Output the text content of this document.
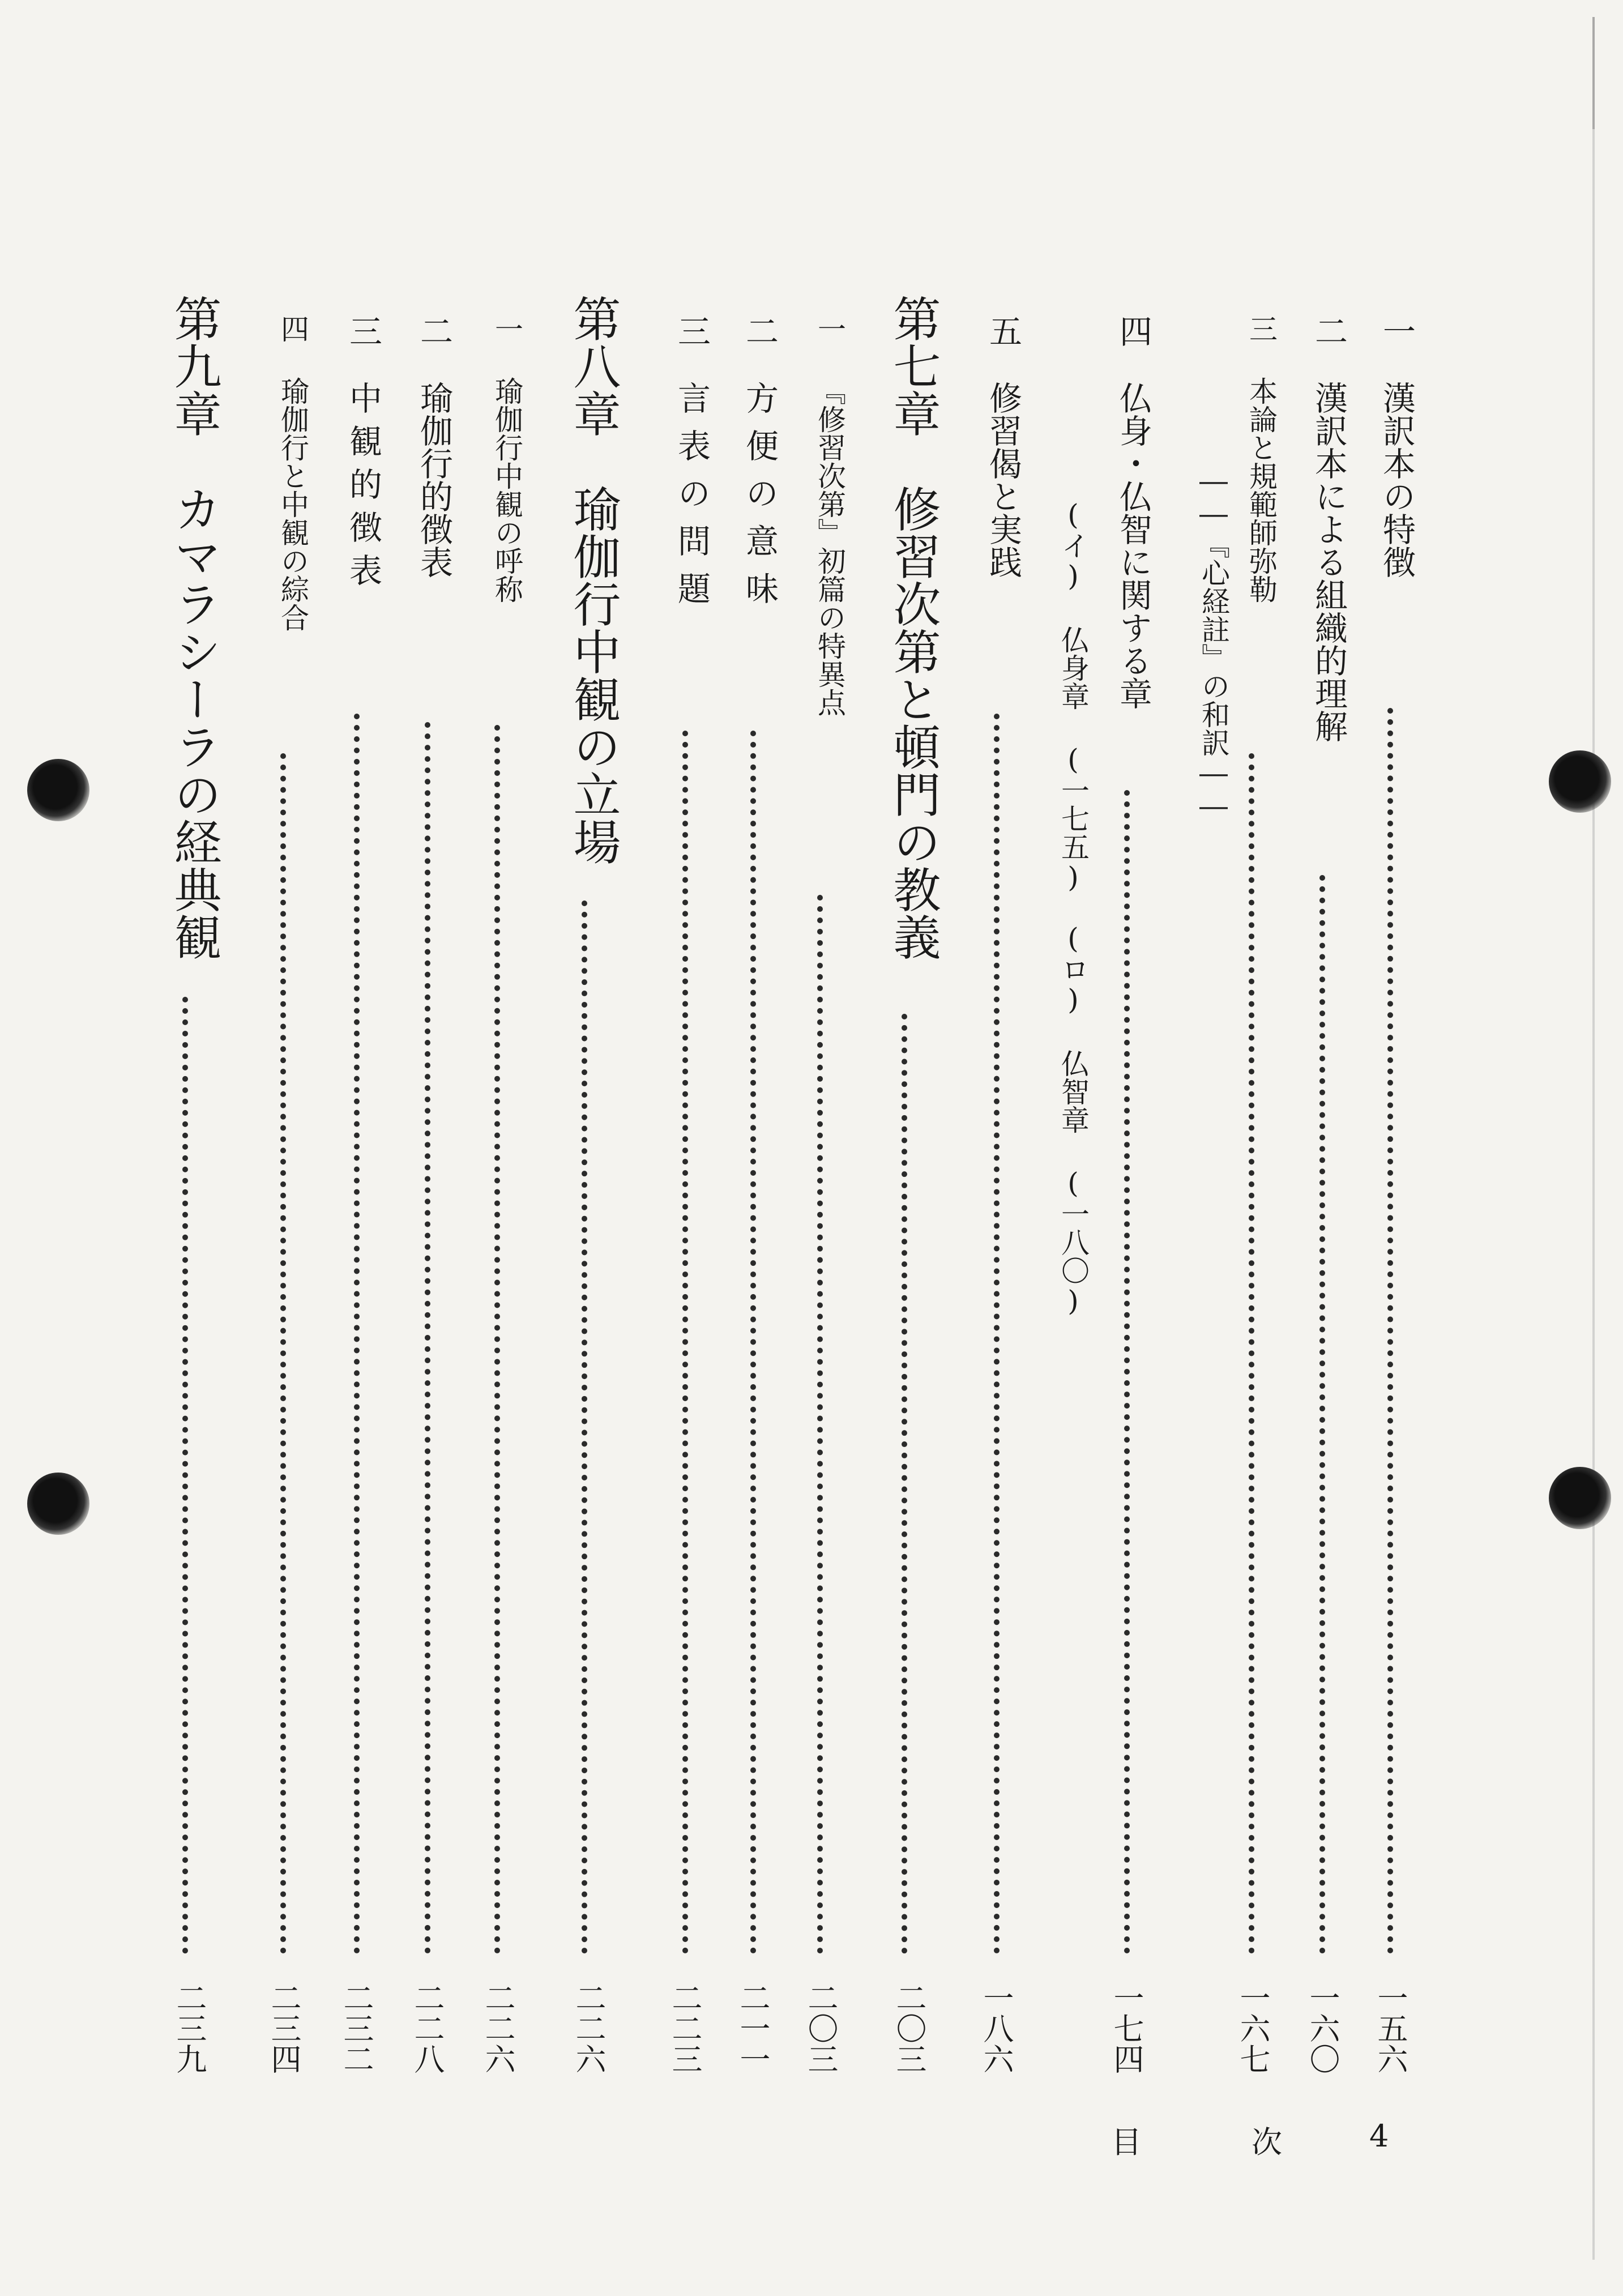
一漢訳本の特徴
一五六
二漢訳本による組織的理解
一六〇
三本論と規範師弥勒
一六七
――『心経註』の和訳――
四仏身・仏智に関する章
一七四
(イ) 仏身章 (一七五)　(ロ) 仏智章 (一八〇)
五修習偈と実践
一八六
第七章　修習次第と頓門の教義
二〇三
一『修習次第』初篇の特異点
二〇三
二方便の意味
二一一
三言表の問題
二二三
第八章　瑜伽行中観の立場
二二六
一瑜伽行中観の呼称
二二六
二瑜伽行的徴表
二二八
三中観的徴表
二三二
四瑜伽行と中観の綜合
二三四
第九章　カマラシーラの経典観
二三九
目	次	4
